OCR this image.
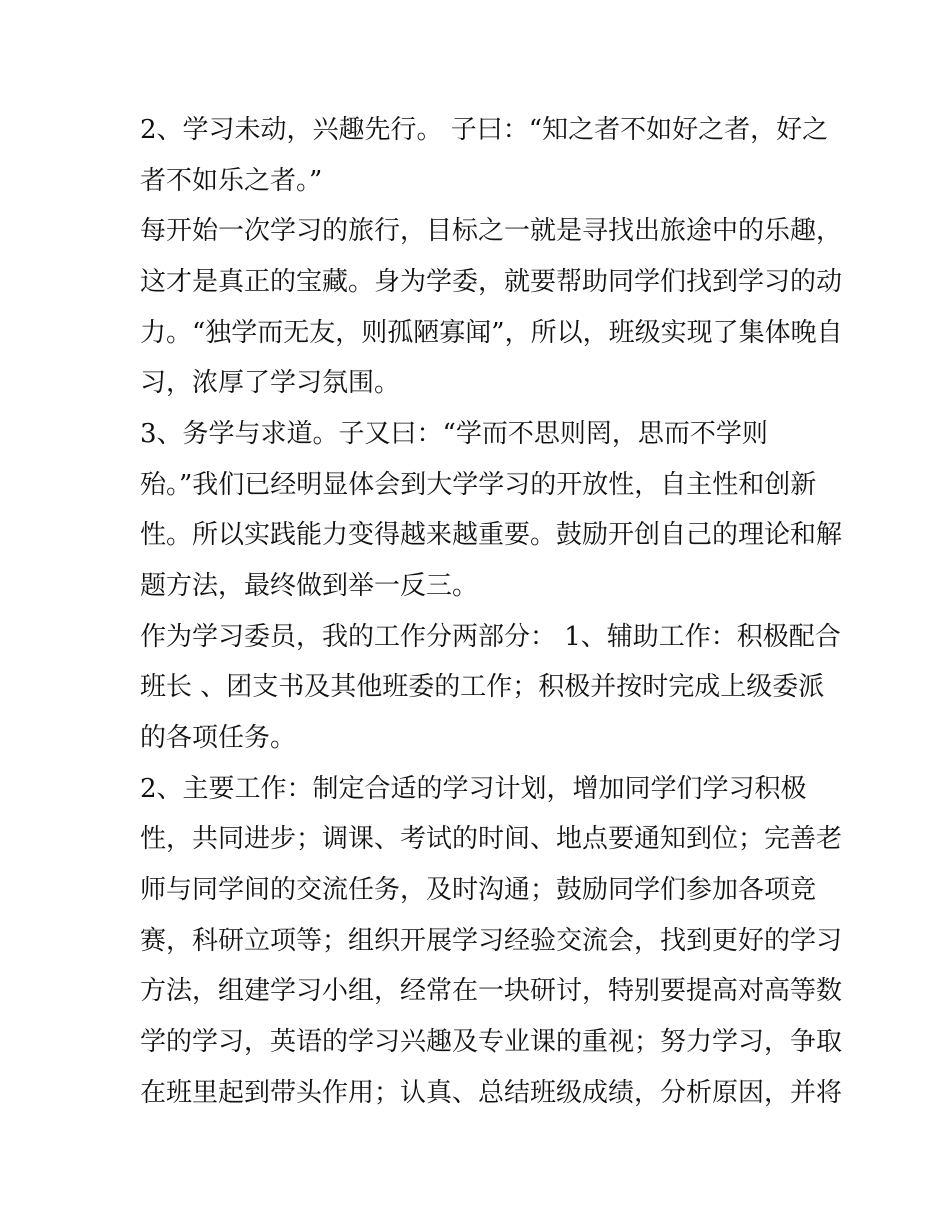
2、学习未动，兴趣先行。 子曰：“知之者不如好之者，好之
者不如乐之者。”
每开始一次学习的旅行，目标之一就是寻找出旅途中的乐趣，
这才是真正的宝藏。身为学委，就要帮助同学们找到学习的动
力。“独学而无友，则孤陋寡闻”，所以，班级实现了集体晚自
习，浓厚了学习氛围。
3、务学与求道。子又曰：“学而不思则罔，思而不学则
殆。”我们已经明显体会到大学学习的开放性，自主性和创新
性。所以实践能力变得越来越重要。鼓励开创自己的理论和解
题方法，最终做到举一反三。
作为学习委员，我的工作分两部分： 1、辅助工作：积极配合
班长 、团支书及其他班委的工作；积极并按时完成上级委派
的各项任务。
2、主要工作：制定合适的学习计划，增加同学们学习积极
性，共同进步；调课、考试的时间、地点要通知到位；完善老
师与同学间的交流任务，及时沟通；鼓励同学们参加各项竞
赛，科研立项等；组织开展学习经验交流会，找到更好的学习
方法，组建学习小组，经常在一块研讨，特别要提高对高等数
学的学习，英语的学习兴趣及专业课的重视；努力学习，争取
在班里起到带头作用；认真、总结班级成绩，分析原因，并将
